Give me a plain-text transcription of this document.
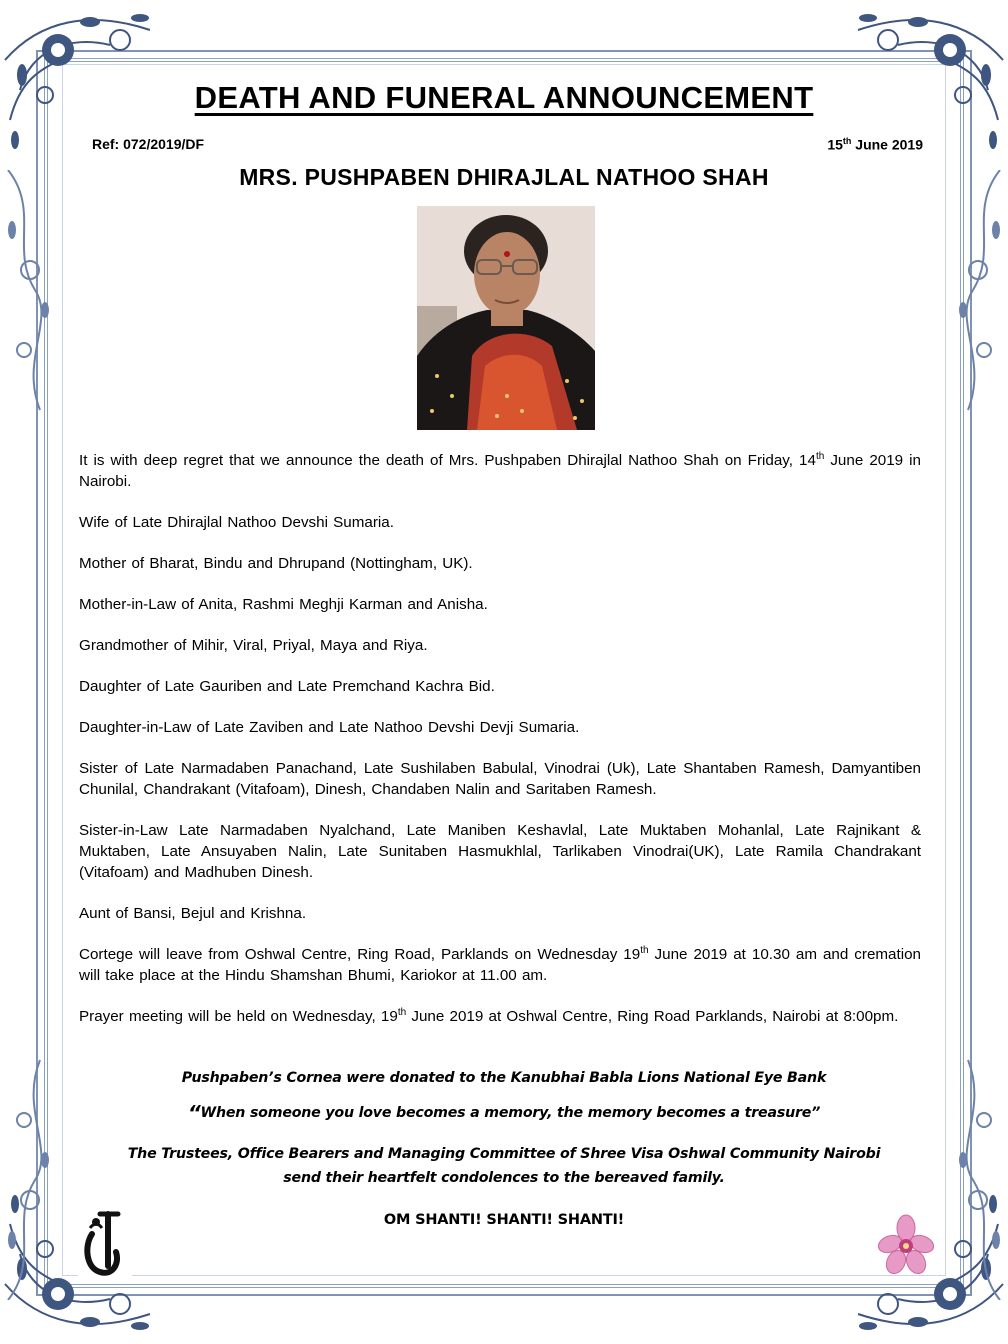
DEATH AND FUNERAL ANNOUNCEMENT
Ref: 072/2019/DF	15th June 2019
MRS. PUSHPABEN DHIRAJLAL NATHOO SHAH

It is with deep regret that we announce the death of Mrs. Pushpaben Dhirajlal Nathoo Shah on Friday, 14th June 2019 in Nairobi.

Wife of Late Dhirajlal Nathoo Devshi Sumaria.

Mother of Bharat, Bindu and Dhrupand (Nottingham, UK).

Mother-in-Law of Anita, Rashmi Meghji Karman and Anisha.

Grandmother of Mihir, Viral, Priyal, Maya and Riya.

Daughter of Late Gauriben and Late Premchand Kachra Bid.

Daughter-in-Law of Late Zaviben and Late Nathoo Devshi Devji Sumaria.

Sister of Late Narmadaben Panachand, Late Sushilaben Babulal, Vinodrai (Uk), Late Shantaben Ramesh, Damyantiben Chunilal, Chandrakant (Vitafoam), Dinesh, Chandaben Nalin and Saritaben Ramesh.

Sister-in-Law Late Narmadaben Nyalchand, Late Maniben Keshavlal, Late Muktaben Mohanlal, Late Rajnikant & Muktaben, Late Ansuyaben Nalin, Late Sunitaben Hasmukhlal, Tarlikaben Vinodrai(UK), Late Ramila Chandrakant (Vitafoam) and Madhuben Dinesh.

Aunt of Bansi, Bejul and Krishna.

Cortege will leave from Oshwal Centre, Ring Road, Parklands on Wednesday 19th June 2019 at 10.30 am and cremation will take place at the Hindu Shamshan Bhumi, Kariokor at 11.00 am.

Prayer meeting will be held on Wednesday, 19th June 2019 at Oshwal Centre, Ring Road Parklands, Nairobi at 8:00pm.

Pushpaben’s Cornea were donated to the Kanubhai Babla Lions National Eye Bank
“When someone you love becomes a memory, the memory becomes a treasure”
The Trustees, Office Bearers and Managing Committee of Shree Visa Oshwal Community Nairobi
send their heartfelt condolences to the bereaved family.
OM SHANTI! SHANTI! SHANTI!
